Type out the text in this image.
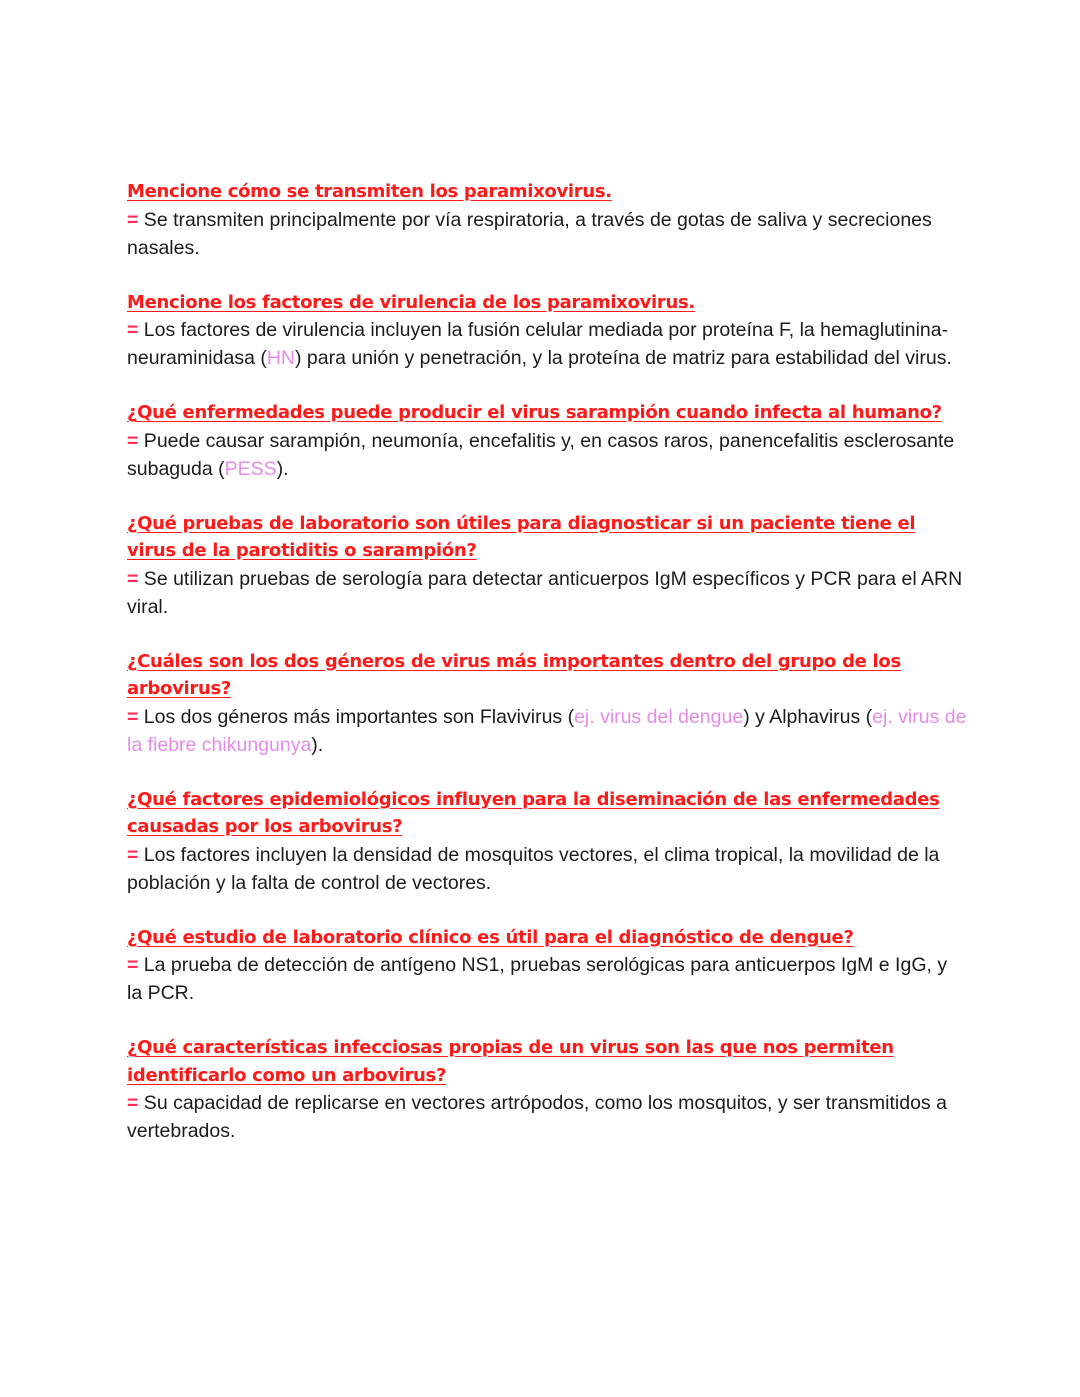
Mencione cómo se transmiten los paramixovirus.
= Se transmiten principalmente por vía respiratoria, a través de gotas de saliva y secreciones nasales.
Mencione los factores de virulencia de los paramixovirus.
= Los factores de virulencia incluyen la fusión celular mediada por proteína F, la hemaglutinina-neuraminidasa (HN) para unión y penetración, y la proteína de matriz para estabilidad del virus.
¿Qué enfermedades puede producir el virus sarampión cuando infecta al humano?
= Puede causar sarampión, neumonía, encefalitis y, en casos raros, panencefalitis esclerosante subaguda (PESS).
¿Qué pruebas de laboratorio son útiles para diagnosticar si un paciente tiene el virus de la parotiditis o sarampión?
= Se utilizan pruebas de serología para detectar anticuerpos IgM específicos y PCR para el ARN viral.
¿Cuáles son los dos géneros de virus más importantes dentro del grupo de los arbovirus?
= Los dos géneros más importantes son Flavivirus (ej. virus del dengue) y Alphavirus (ej. virus de la fiebre chikungunya).
¿Qué factores epidemiológicos influyen para la diseminación de las enfermedades causadas por los arbovirus?
= Los factores incluyen la densidad de mosquitos vectores, el clima tropical, la movilidad de la población y la falta de control de vectores.
¿Qué estudio de laboratorio clínico es útil para el diagnóstico de dengue?
= La prueba de detección de antígeno NS1, pruebas serológicas para anticuerpos IgM e IgG, y la PCR.
¿Qué características infecciosas propias de un virus son las que nos permiten identificarlo como un arbovirus?
= Su capacidad de replicarse en vectores artrópodos, como los mosquitos, y ser transmitidos a vertebrados.
